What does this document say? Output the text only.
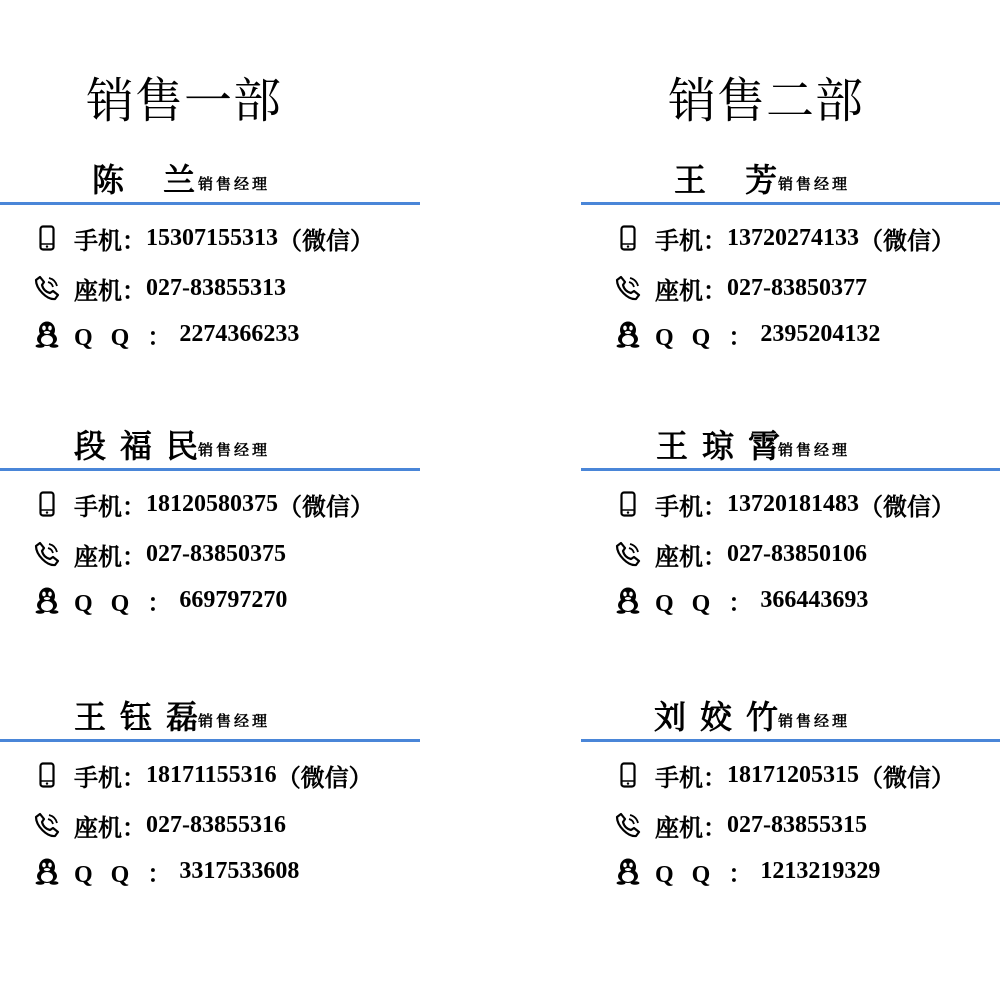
销售一部	销售二部
陈 兰
销售经理
手机： 15307155313 （微信）
座机： 027-83855313
Q Q ： 2274366233
段福民
销售经理
手机： 18120580375 （微信）
座机： 027-83850375
Q Q ： 669797270
王钰磊
销售经理
手机： 18171155316 （微信）
座机： 027-83855316
Q Q ： 3317533608
王 芳
销售经理
手机： 13720274133 （微信）
座机： 027-83850377
Q Q ： 2395204132
王琼霄
销售经理
手机： 13720181483 （微信）
座机： 027-83850106
Q Q ： 366443693
刘姣竹
销售经理
手机： 18171205315 （微信）
座机： 027-83855315
Q Q ： 1213219329
